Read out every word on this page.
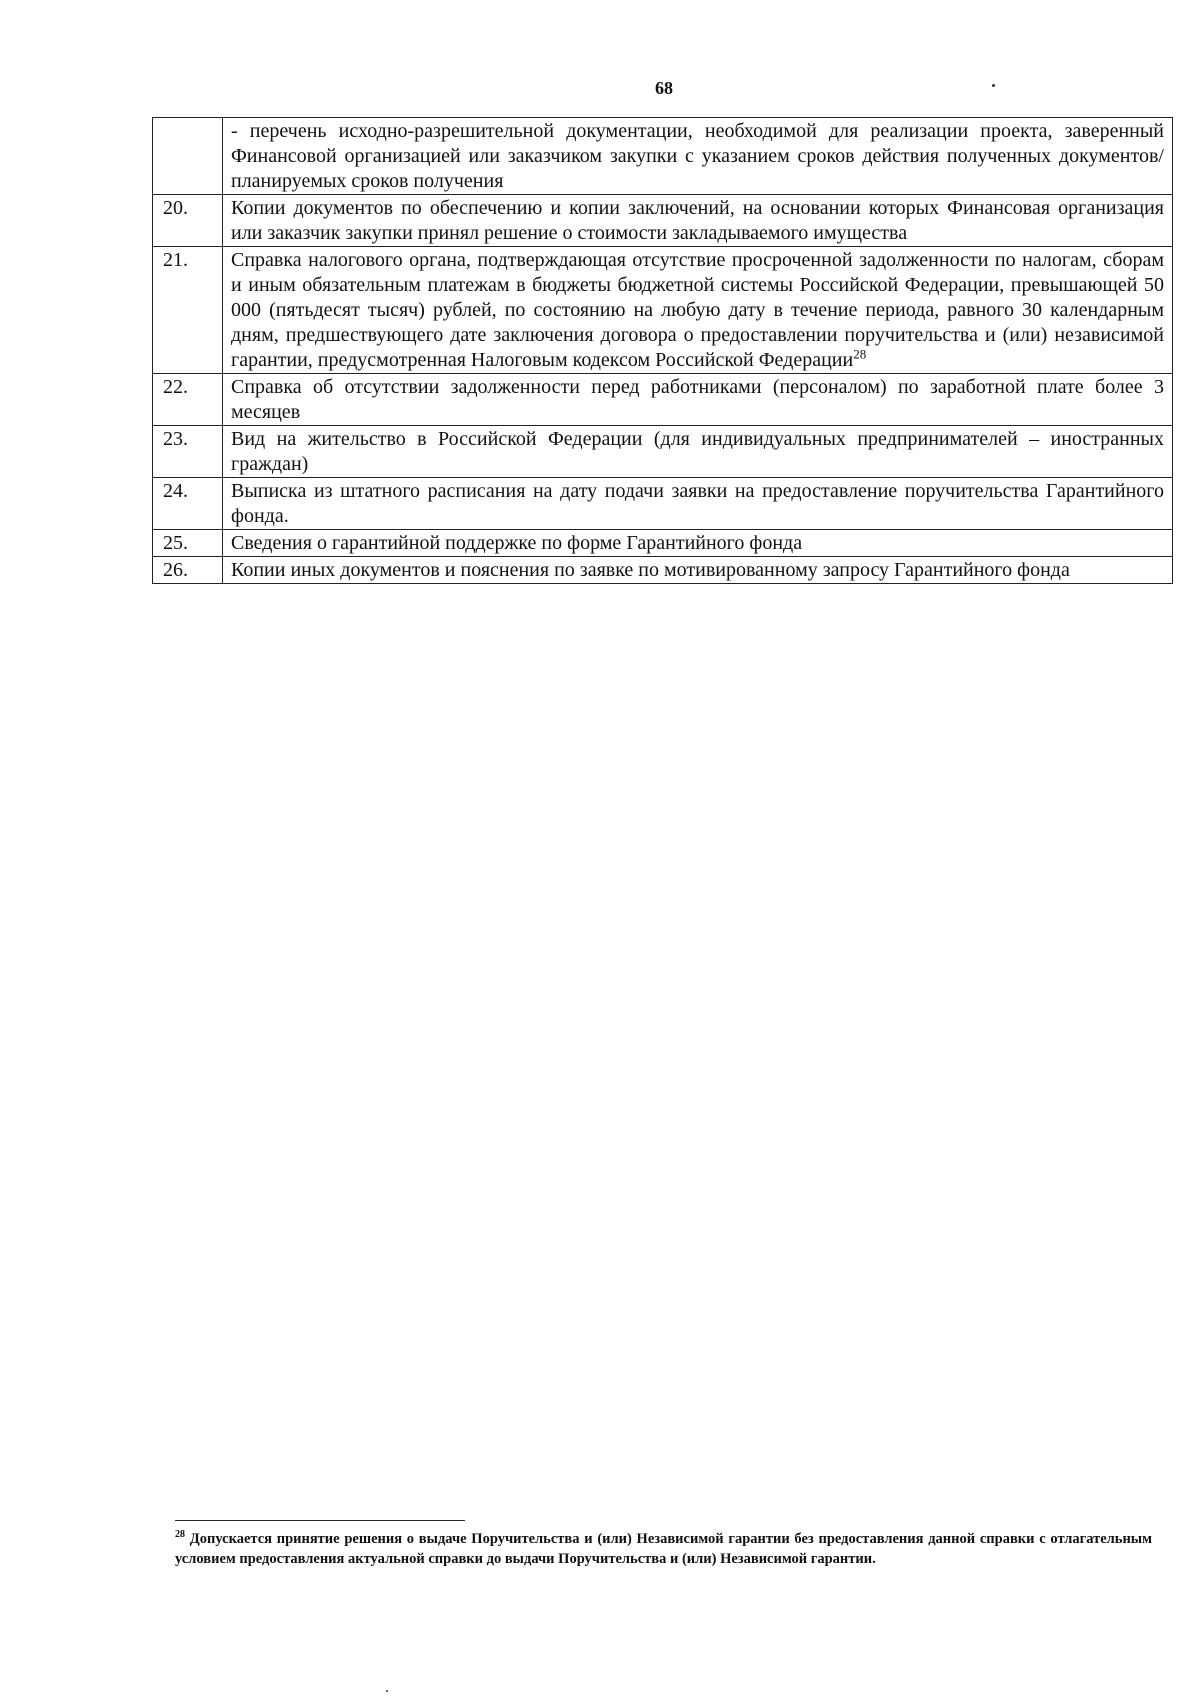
68
	- перечень исходно-разрешительной документации, необходимой для реализации проекта, заверенный Финансовой организацией или заказчиком закупки с указанием сроков действия полученных документов/планируемых сроков получения
20.	Копии документов по обеспечению и копии заключений, на основании которых Финансовая организация или заказчик закупки принял решение о стоимости закладываемого имущества
21.	Справка налогового органа, подтверждающая отсутствие просроченной задолженности по налогам, сборам и иным обязательным платежам в бюджеты бюджетной системы Российской Федерации, превышающей 50 000 (пятьдесят тысяч) рублей, по состоянию на любую дату в течение периода, равного 30 календарным дням, предшествующего дате заключения договора о предоставлении поручительства и (или) независимой гарантии, предусмотренная Налоговым кодексом Российской Федерации$^{28}$
22.	Справка об отсутствии задолженности перед работниками (персоналом) по заработной плате более 3 месяцев
23.	Вид на жительство в Российской Федерации (для индивидуальных предпринимателей – иностранных граждан)
24.	Выписка из штатного расписания на дату подачи заявки на предоставление поручительства Гарантийного фонда.
25.	Сведения о гарантийной поддержке по форме Гарантийного фонда
26.	Копии иных документов и пояснения по заявке по мотивированному запросу Гарантийного фонда
$^{28}$ Допускается принятие решения о выдаче Поручительства и (или) Независимой гарантии без предоставления данной справки с отлагательным условием предоставления актуальной справки до выдачи Поручительства и (или) Независимой гарантии.
